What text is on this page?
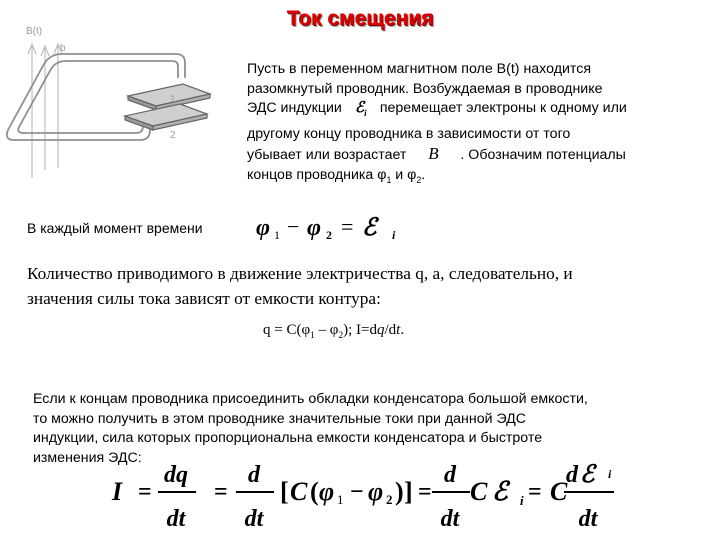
Ток смещения
B(t)
b
1
2

Пусть в переменном магнитном поле B(t) находится

разомкнутый проводник. Возбуждаемая в проводнике

ЭДС индукции ℰ$_i$ перемещает электроны к одному или

другому концу проводника в зависимости от того

убывает или возрастает B . Обозначим потенциалы

концов проводника $\varphi_1$ и $\varphi_2$.

В каждый момент времени φ 1 − φ 2 = ℰ i

Количество приводимого в движение электричества q, а, следовательно, и

значения силы тока зависят от емкости контура:

$q = C(\varphi_1 - \varphi_2)$; I=dq/dt.

Если к концам проводника присоединить обкладки конденсатора большой емкости,

то можно получить в этом проводнике значительные токи при данной ЭДС

индукции, сила которых пропорциональна емкости конденсатора и быстроте

изменения ЭДС:

I =
dq
dt
=
d
dt
[ C ( φ 1 − φ 2 ) ] =
d
dt
C ℰ i = C
d ℰ i
dt
